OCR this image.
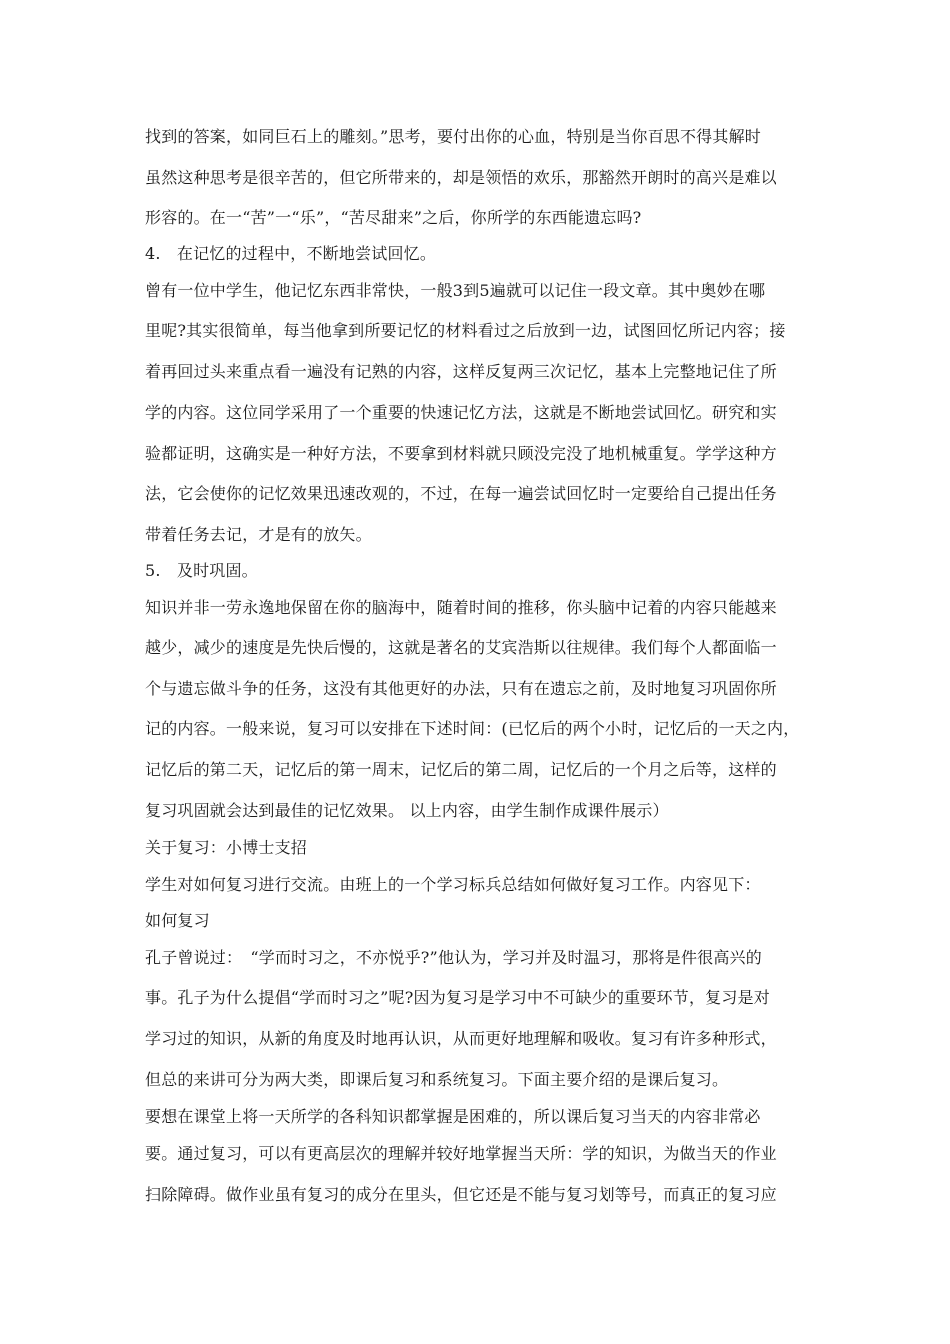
找到的答案，如同巨石上的雕刻。”思考，要付出你的心血，特别是当你百思不得其解时
虽然这种思考是很辛苦的，但它所带来的，却是领悟的欢乐，那豁然开朗时的高兴是难以
形容的。在一“苦”一“乐”，“苦尽甜来”之后，你所学的东西能遗忘吗?
4.　在记忆的过程中，不断地尝试回忆。
曾有一位中学生，他记忆东西非常快，一般3到5遍就可以记住一段文章。其中奥妙在哪
里呢?其实很简单，每当他拿到所要记忆的材料看过之后放到一边，试图回忆所记内容；接
着再回过头来重点看一遍没有记熟的内容，这样反复两三次记忆，基本上完整地记住了所
学的内容。这位同学采用了一个重要的快速记忆方法，这就是不断地尝试回忆。研究和实
验都证明，这确实是一种好方法，不要拿到材料就只顾没完没了地机械重复。学学这种方
法，它会使你的记忆效果迅速改观的，不过，在每一遍尝试回忆时一定要给自己提出任务
带着任务去记，才是有的放矢。
5.　及时巩固。
知识并非一劳永逸地保留在你的脑海中，随着时间的推移，你头脑中记着的内容只能越来
越少，减少的速度是先快后慢的，这就是著名的艾宾浩斯以往规律。我们每个人都面临一
个与遗忘做斗争的任务，这没有其他更好的办法，只有在遗忘之前，及时地复习巩固你所
记的内容。一般来说，复习可以安排在下述时间：(已忆后的两个小时，记忆后的一天之内，
记忆后的第二天，记忆后的第一周末，记忆后的第二周，记忆后的一个月之后等，这样的
复习巩固就会达到最佳的记忆效果。 以上内容，由学生制作成课件展示）
关于复习：小博士支招
学生对如何复习进行交流。由班上的一个学习标兵总结如何做好复习工作。内容见下：
如何复习
孔子曾说过：　“学而时习之，不亦悦乎?”他认为，学习并及时温习，那将是件很高兴的
事。孔子为什么提倡“学而时习之”呢?因为复习是学习中不可缺少的重要环节，复习是对
学习过的知识，从新的角度及时地再认识，从而更好地理解和吸收。复习有许多种形式，
但总的来讲可分为两大类，即课后复习和系统复习。下面主要介绍的是课后复习。
要想在课堂上将一天所学的各科知识都掌握是困难的，所以课后复习当天的内容非常必
要。通过复习，可以有更高层次的理解并较好地掌握当天所：学的知识，为做当天的作业
扫除障碍。做作业虽有复习的成分在里头，但它还是不能与复习划等号，而真正的复习应
